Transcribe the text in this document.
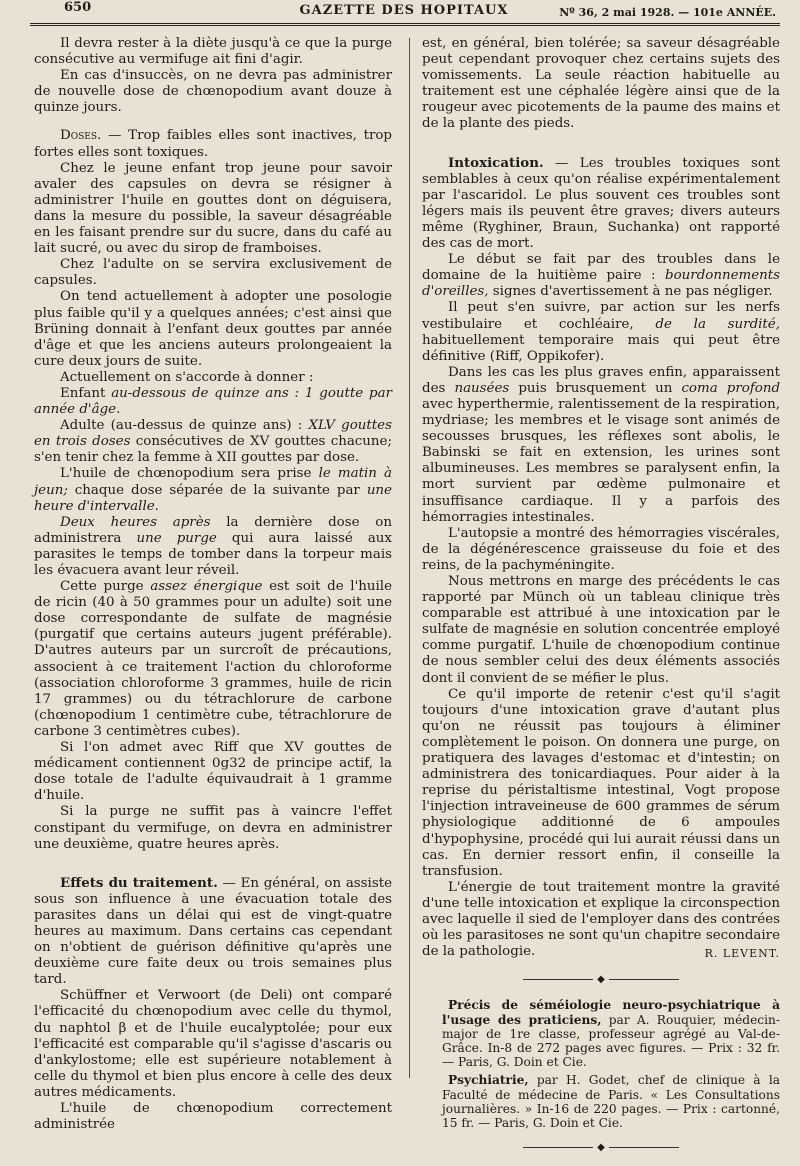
650	GAZETTE DES HOPITAUX	Nº 36, 2 mai 1928. — 101e ANNÉE.

Il devra rester à la diète jusqu'à ce que la purge consécutive au vermifuge ait fini d'agir.

En cas d'insuccès, on ne devra pas administrer de nouvelle dose de chœnopodium avant douze à quinze jours.

Doses. — Trop faibles elles sont inactives, trop fortes elles sont toxiques.

Chez le jeune enfant trop jeune pour savoir avaler des capsules on devra se résigner à administrer l'huile en gouttes dont on déguisera, dans la mesure du possible, la saveur désagréable en les faisant prendre sur du sucre, dans du café au lait sucré, ou avec du sirop de framboises.

Chez l'adulte on se servira exclusivement de capsules.

On tend actuellement à adopter une posologie plus faible qu'il y a quelques années; c'est ainsi que Brüning donnait à l'enfant deux gouttes par année d'âge et que les anciens auteurs prolongeaient la cure deux jours de suite.

Actuellement on s'accorde à donner :

Enfant au-dessous de quinze ans : 1 goutte par année d'âge.

Adulte (au-dessus de quinze ans) : XLV gouttes en trois doses consécutives de XV gouttes chacune; s'en tenir chez la femme à XII gouttes par dose.

L'huile de chœnopodium sera prise le matin à jeun; chaque dose séparée de la suivante par une heure d'intervalle.

Deux heures après la dernière dose on administrera une purge qui aura laissé aux parasites le temps de tomber dans la torpeur mais les évacuera avant leur réveil.

Cette purge assez énergique est soit de l'huile de ricin (40 à 50 grammes pour un adulte) soit une dose correspondante de sulfate de magnésie (purgatif que certains auteurs jugent préférable). D'autres auteurs par un surcroît de précautions, associent à ce traitement l'action du chloroforme (association chloroforme 3 grammes, huile de ricin 17 grammes) ou du tétrachlorure de carbone (chœnopodium 1 centimètre cube, tétrachlorure de carbone 3 centimètres cubes).

Si l'on admet avec Riff que XV gouttes de médicament contiennent 0g32 de principe actif, la dose totale de l'adulte équivaudrait à 1 gramme d'huile.

Si la purge ne suffit pas à vaincre l'effet constipant du vermifuge, on devra en administrer une deuxième, quatre heures après.

Effets du traitement. — En général, on assiste sous son influence à une évacuation totale des parasites dans un délai qui est de vingt-quatre heures au maximum. Dans certains cas cependant on n'obtient de guérison définitive qu'après une deuxième cure faite deux ou trois semaines plus tard.

Schüffner et Verwoort (de Deli) ont comparé l'efficacité du chœnopodium avec celle du thymol, du naphtol β et de l'huile eucalyptolée; pour eux l'efficacité est comparable qu'il s'agisse d'ascaris ou d'ankylostome; elle est supérieure notablement à celle du thymol et bien plus encore à celle des deux autres médicaments.

L'huile de chœnopodium correctement administrée

est, en général, bien tolérée; sa saveur désagréable peut cependant provoquer chez certains sujets des vomissements. La seule réaction habituelle au traitement est une céphalée légère ainsi que de la rougeur avec picotements de la paume des mains et de la plante des pieds.

Intoxication. — Les troubles toxiques sont semblables à ceux qu'on réalise expérimentalement par l'ascaridol. Le plus souvent ces troubles sont légers mais ils peuvent être graves; divers auteurs même (Ryghiner, Braun, Suchanka) ont rapporté des cas de mort.

Le début se fait par des troubles dans le domaine de la huitième paire : bourdonnements d'oreilles, signes d'avertissement à ne pas négliger.

Il peut s'en suivre, par action sur les nerfs vestibulaire et cochléaire, de la surdité, habituellement temporaire mais qui peut être définitive (Riff, Oppikofer).

Dans les cas les plus graves enfin, apparaissent des nausées puis brusquement un coma profond avec hyperthermie, ralentissement de la respiration, mydriase; les membres et le visage sont animés de secousses brusques, les réflexes sont abolis, le Babinski se fait en extension, les urines sont albumineuses. Les membres se paralysent enfin, la mort survient par œdème pulmonaire et insuffisance cardiaque. Il y a parfois des hémorragies intestinales.

L'autopsie a montré des hémorragies viscérales, de la dégénérescence graisseuse du foie et des reins, de la pachyméningite.

Nous mettrons en marge des précédents le cas rapporté par Münch où un tableau clinique très comparable est attribué à une intoxication par le sulfate de magnésie en solution concentrée employé comme purgatif. L'huile de chœnopodium continue de nous sembler celui des deux éléments associés dont il convient de se méfier le plus.

Ce qu'il importe de retenir c'est qu'il s'agit toujours d'une intoxication grave d'autant plus qu'on ne réussit pas toujours à éliminer complètement le poison. On donnera une purge, on pratiquera des lavages d'estomac et d'intestin; on administrera des tonicardiaques. Pour aider à la reprise du péristaltisme intestinal, Vogt propose l'injection intraveineuse de 600 grammes de sérum physiologique additionné de 6 ampoules d'hypophysine, procédé qui lui aurait réussi dans un cas. En dernier ressort enfin, il conseille la transfusion.

L'énergie de tout traitement montre la gravité d'une telle intoxication et explique la circonspection avec laquelle il sied de l'employer dans des contrées où les parasitoses ne sont qu'un chapitre secondaire de la pathologie.	R. LEVENT.

◆

Précis de séméiologie neuro-psychiatrique à l'usage des praticiens, par A. Rouquier, médecin-major de 1re classe, professeur agrégé au Val-de-Grâce. In-8 de 272 pages avec figures. — Prix : 32 fr. — Paris, G. Doin et Cie.

Psychiatrie, par H. Godet, chef de clinique à la Faculté de médecine de Paris. « Les Consultations journalières. » In-16 de 220 pages. — Prix : cartonné, 15 fr. — Paris, G. Doin et Cie.

◆
